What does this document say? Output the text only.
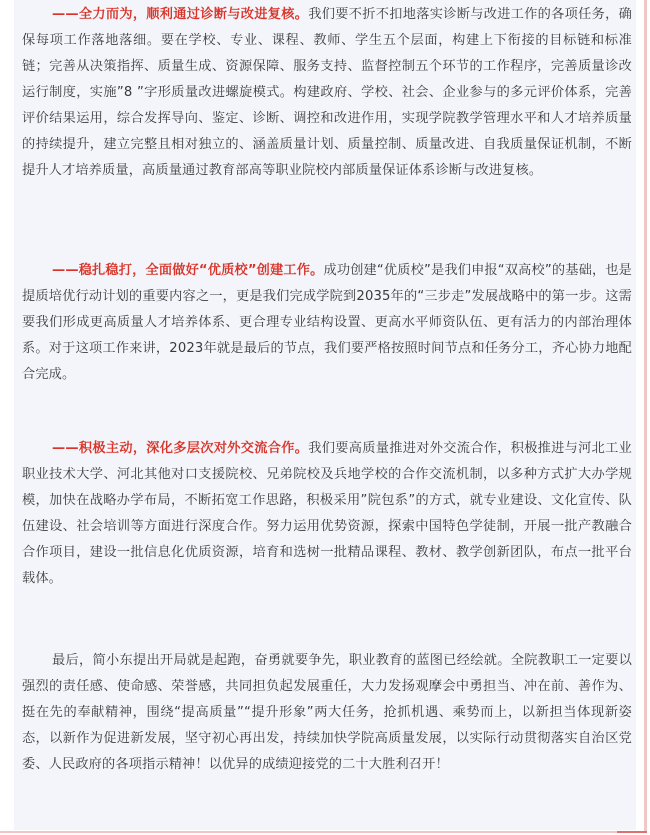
——全力而为，顺利通过诊断与改进复核。我们要不折不扣地落实诊断与改进工作的各项任务，确保每项工作落地落细。要在学校、专业、课程、教师、学生五个层面，构建上下衔接的目标链和标准链；完善从决策指挥、质量生成、资源保障、服务支持、监督控制五个环节的工作程序，完善质量诊改运行制度，实施”8 ”字形质量改进螺旋模式。构建政府、学校、社会、企业参与的多元评价体系，完善评价结果运用，综合发挥导向、鉴定、诊断、调控和改进作用，实现学院教学管理水平和人才培养质量的持续提升，建立完整且相对独立的、涵盖质量计划、质量控制、质量改进、自我质量保证机制，不断提升人才培养质量，高质量通过教育部高等职业院校内部质量保证体系诊断与改进复核。

——稳扎稳打，全面做好“优质校”创建工作。成功创建“优质校”是我们申报“双高校”的基础，也是提质培优行动计划的重要内容之一，更是我们完成学院到2035年的“三步走”发展战略中的第一步。这需要我们形成更高质量人才培养体系、更合理专业结构设置、更高水平师资队伍、更有活力的内部治理体系。对于这项工作来讲，2023年就是最后的节点，我们要严格按照时间节点和任务分工，齐心协力地配合完成。

——积极主动，深化多层次对外交流合作。我们要高质量推进对外交流合作，积极推进与河北工业职业技术大学、河北其他对口支援院校、兄弟院校及兵地学校的合作交流机制，以多种方式扩大办学规模，加快在战略办学布局，不断拓宽工作思路，积极采用”院包系”的方式，就专业建设、文化宣传、队伍建设、社会培训等方面进行深度合作。努力运用优势资源，探索中国特色学徒制，开展一批产教融合合作项目，建设一批信息化优质资源，培育和选树一批精品课程、教材、教学创新团队，布点一批平台载体。

最后，简小东提出开局就是起跑，奋勇就要争先，职业教育的蓝图已经绘就。全院教职工一定要以强烈的责任感、使命感、荣誉感，共同担负起发展重任，大力发扬观摩会中勇担当、冲在前、善作为、挺在先的奉献精神，围绕“提高质量”“提升形象”两大任务，抢抓机遇、乘势而上，以新担当体现新姿态，以新作为促进新发展，坚守初心再出发，持续加快学院高质量发展，以实际行动贯彻落实自治区党委、人民政府的各项指示精神！以优异的成绩迎接党的二十大胜利召开！
